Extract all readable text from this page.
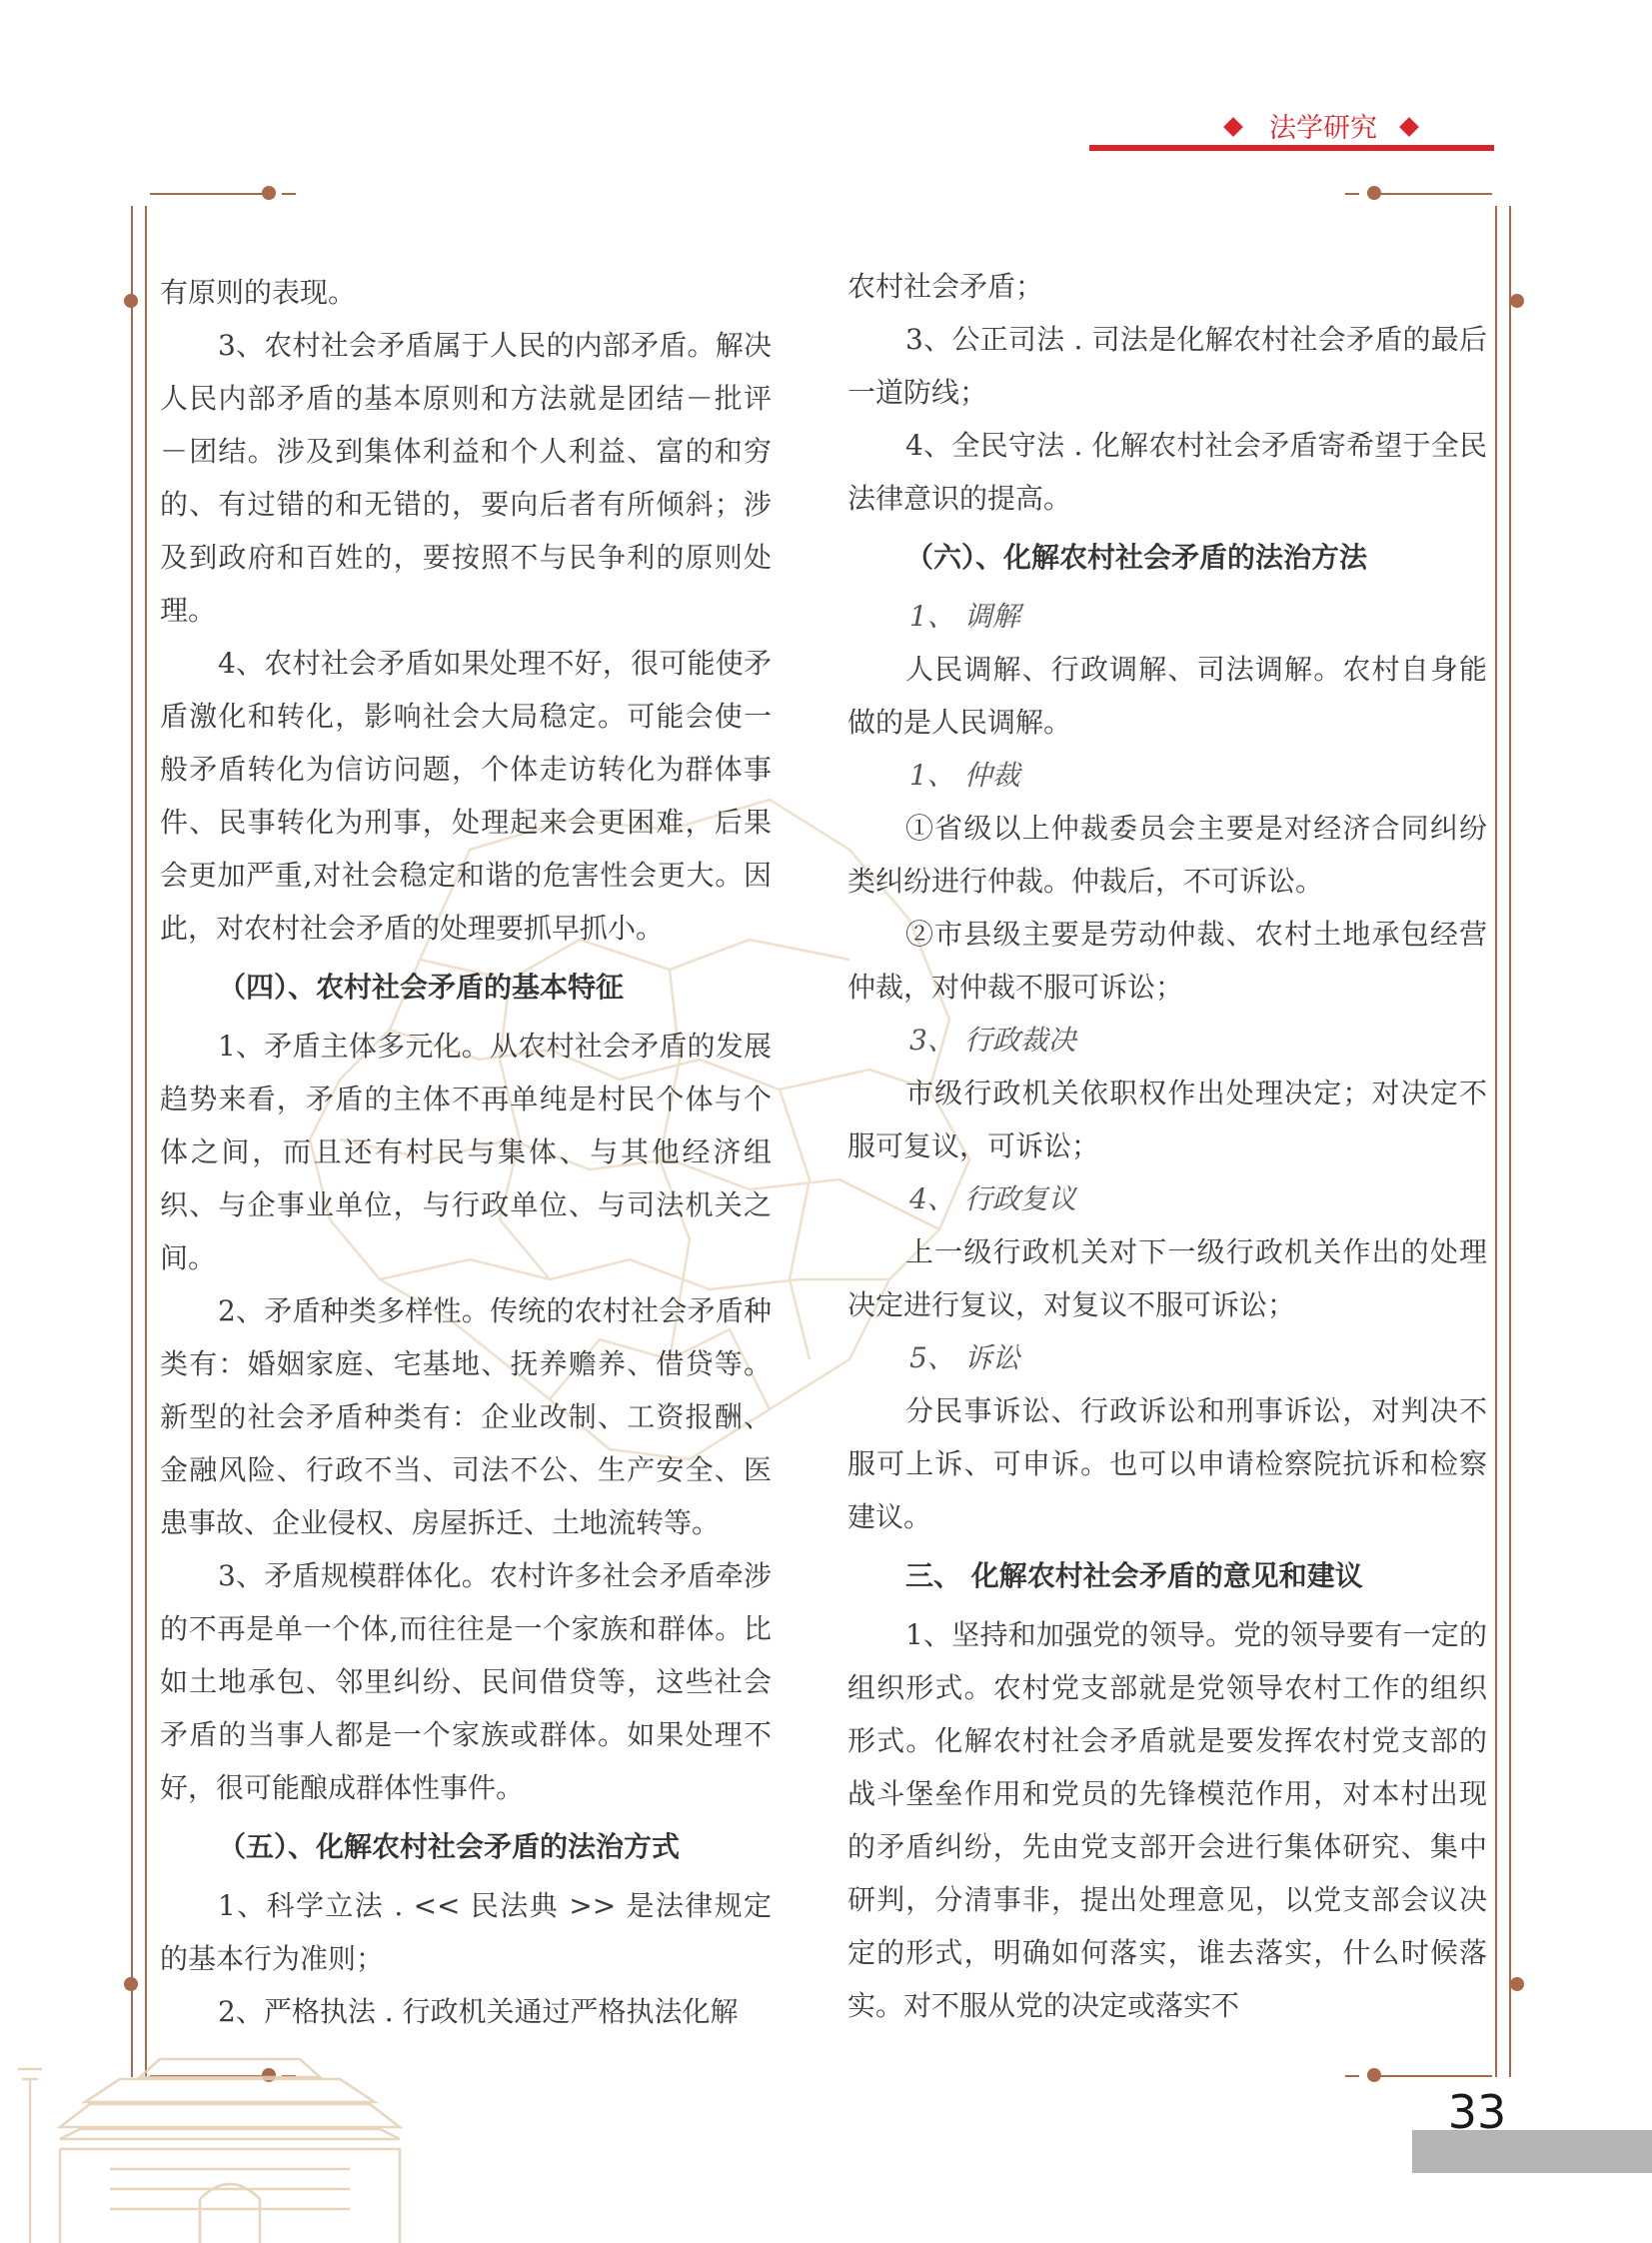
法学研究

有原则的表现。

3、农村社会矛盾属于人民的内部矛盾。解决人民内部矛盾的基本原则和方法就是团结－批评－团结。涉及到集体利益和个人利益、富的和穷的、有过错的和无错的，要向后者有所倾斜；涉及到政府和百姓的，要按照不与民争利的原则处理。

4、农村社会矛盾如果处理不好，很可能使矛盾激化和转化，影响社会大局稳定。可能会使一般矛盾转化为信访问题，个体走访转化为群体事件、民事转化为刑事，处理起来会更困难，后果会更加严重,对社会稳定和谐的危害性会更大。因此，对农村社会矛盾的处理要抓早抓小。

（四）、农村社会矛盾的基本特征

1、矛盾主体多元化。从农村社会矛盾的发展趋势来看，矛盾的主体不再单纯是村民个体与个体之间，而且还有村民与集体、与其他经济组织、与企事业单位，与行政单位、与司法机关之间。

2、矛盾种类多样性。传统的农村社会矛盾种类有：婚姻家庭、宅基地、抚养赡养、借贷等。新型的社会矛盾种类有：企业改制、工资报酬、金融风险、行政不当、司法不公、生产安全、医患事故、企业侵权、房屋拆迁、土地流转等。

3、矛盾规模群体化。农村许多社会矛盾牵涉的不再是单一个体,而往往是一个家族和群体。比如土地承包、邻里纠纷、民间借贷等，这些社会矛盾的当事人都是一个家族或群体。如果处理不好，很可能酿成群体性事件。

（五）、化解农村社会矛盾的法治方式

1、科学立法 . << 民法典 >> 是法律规定的基本行为准则；

2、严格执法 . 行政机关通过严格执法化解

农村社会矛盾；

3、公正司法 . 司法是化解农村社会矛盾的最后一道防线；

4、全民守法 . 化解农村社会矛盾寄希望于全民法律意识的提高。

（六）、化解农村社会矛盾的法治方法

1、 调解

人民调解、行政调解、司法调解。农村自身能做的是人民调解。

1、 仲裁

①省级以上仲裁委员会主要是对经济合同纠纷类纠纷进行仲裁。仲裁后，不可诉讼。

②市县级主要是劳动仲裁、农村土地承包经营仲裁，对仲裁不服可诉讼；

3、 行政裁决

市级行政机关依职权作出处理决定；对决定不服可复议，可诉讼；

4、 行政复议

上一级行政机关对下一级行政机关作出的处理决定进行复议，对复议不服可诉讼；

5、 诉讼

分民事诉讼、行政诉讼和刑事诉讼，对判决不服可上诉、可申诉。也可以申请检察院抗诉和检察建议。

三、 化解农村社会矛盾的意见和建议

1、坚持和加强党的领导。党的领导要有一定的组织形式。农村党支部就是党领导农村工作的组织形式。化解农村社会矛盾就是要发挥农村党支部的战斗堡垒作用和党员的先锋模范作用，对本村出现的矛盾纠纷，先由党支部开会进行集体研究、集中研判，分清事非，提出处理意见，以党支部会议决定的形式，明确如何落实，谁去落实，什么时候落实。对不服从党的决定或落实不

33
